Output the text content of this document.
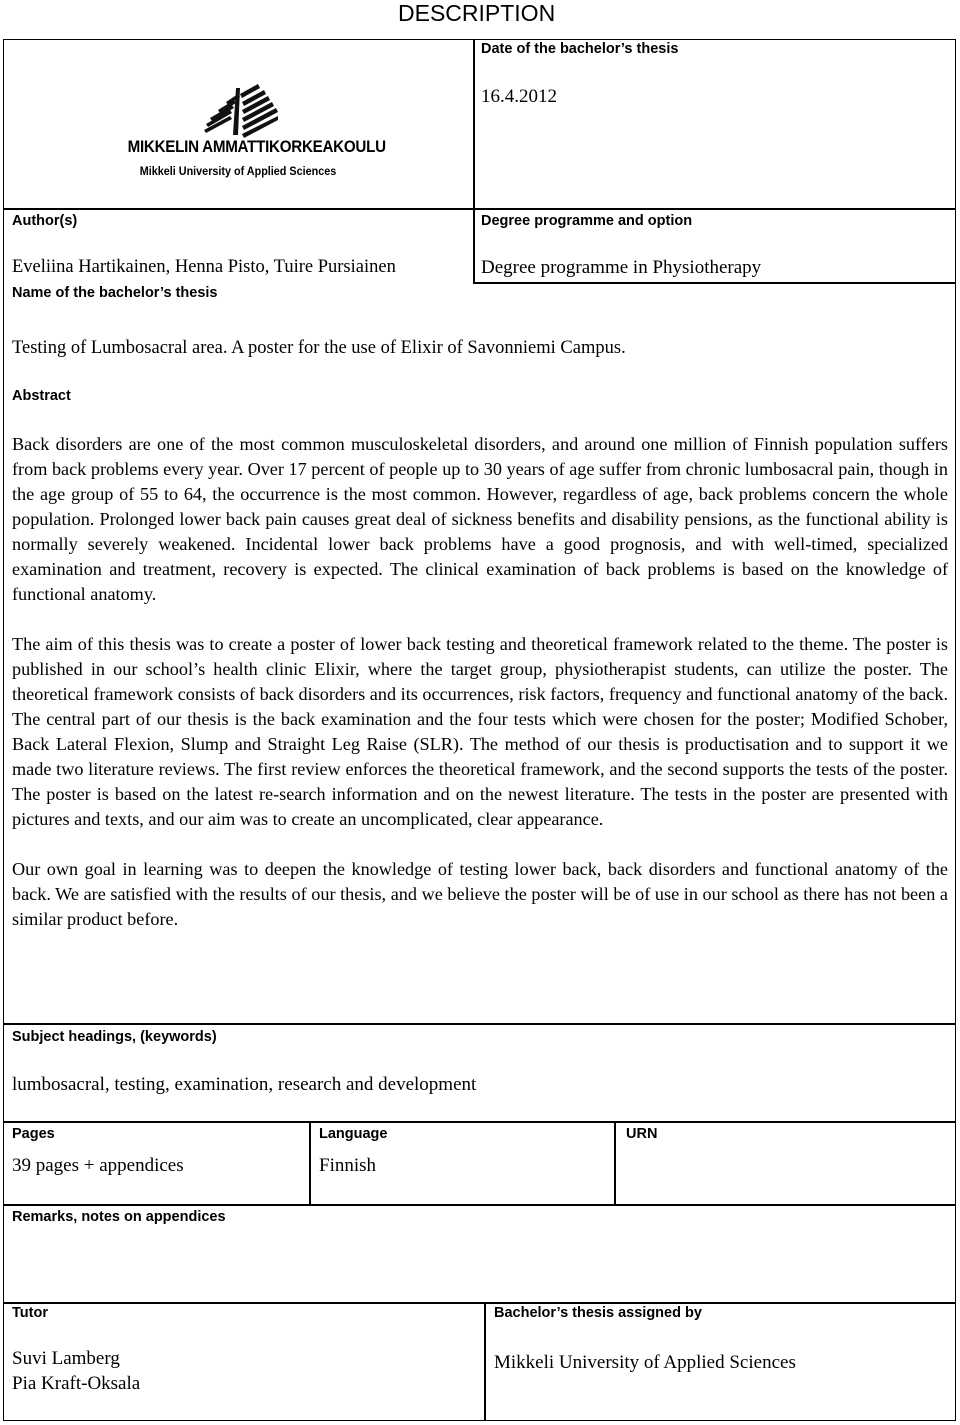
DESCRIPTION
MIKKELIN AMMATTIKORKEAKOULU
Mikkeli University of Applied Sciences
Date of the bachelor’s thesis
16.4.2012
Author(s)
Eveliina Hartikainen, Henna Pisto, Tuire Pursiainen
Degree programme and option
Degree programme in Physiotherapy
Name of the bachelor’s thesis
Testing of Lumbosacral area. A poster for the use of Elixir of Savonniemi Campus.
Abstract

Back disorders are one of the most common musculoskeletal disorders, and around one million of Finnish population suffers from back problems every year. Over 17 percent of people up to 30 years of age suffer from chronic lumbosacral pain, though in the age group of 55 to 64, the occurrence is the most common. However, regardless of age, back problems concern the whole population. Prolonged lower back pain causes great deal of sickness benefits and disability pensions, as the functional ability is normally severely weakened. Incidental lower back problems have a good prognosis, and with well-timed, specialized examination and treatment, recovery is expected. The clinical examination of back problems is based on the knowledge of functional anatomy.

The aim of this thesis was to create a poster of lower back testing and theoretical framework related to the theme. The poster is published in our school’s health clinic Elixir, where the target group, physiotherapist students, can utilize the poster. The theoretical framework consists of back disorders and its occurrences, risk factors, frequency and functional anatomy of the back. The central part of our thesis is the back examination and the four tests which were chosen for the poster; Modified Schober, Back Lateral Flexion, Slump and Straight Leg Raise (SLR). The method of our thesis is productisation and to support it we made two literature reviews. The first review enforces the theoretical framework, and the second supports the tests of the poster. The poster is based on the latest re-search information and on the newest literature. The tests in the poster are presented with pictures and texts, and our aim was to create an uncomplicated, clear appearance.

Our own goal in learning was to deepen the knowledge of testing lower back, back disorders and functional anatomy of the back. We are satisfied with the results of our thesis, and we believe the poster will be of use in our school as there has not been a similar product before.

Subject headings, (keywords)
lumbosacral, testing, examination, research and development
Pages
39 pages + appendices
Language
Finnish
URN
Remarks, notes on appendices
Tutor
Suvi Lamberg
Pia Kraft-Oksala
Bachelor’s thesis assigned by
Mikkeli University of Applied Sciences
